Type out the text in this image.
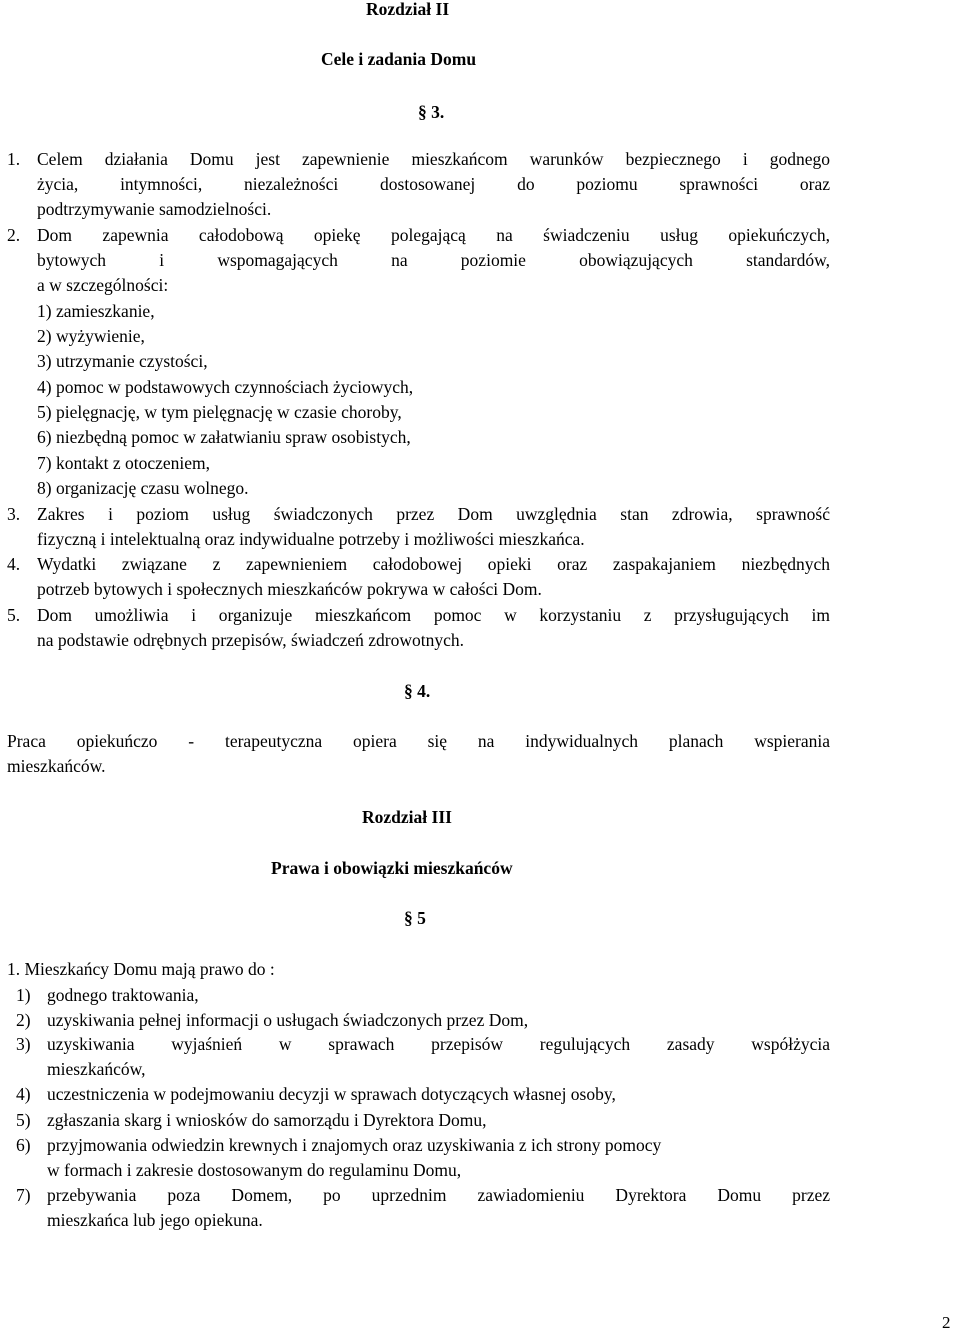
Rozdział II
Cele i zadania Domu
§ 3.
1. Celem działania Domu jest zapewnienie mieszkańcom warunków bezpiecznego i godnego
życia, intymności, niezależności dostosowanej do poziomu sprawności oraz
podtrzymywanie samodzielności.
2. Dom zapewnia całodobową opiekę polegającą na świadczeniu usług opiekuńczych,
bytowych i wspomagających na poziomie obowiązujących standardów,
a w szczególności:
1) zamieszkanie,
2) wyżywienie,
3) utrzymanie czystości,
4) pomoc w podstawowych czynnościach życiowych,
5) pielęgnację, w tym pielęgnację w czasie choroby,
6) niezbędną pomoc w załatwianiu spraw osobistych,
7) kontakt z otoczeniem,
8) organizację czasu wolnego.
3. Zakres i poziom usług świadczonych przez Dom uwzględnia stan zdrowia, sprawność
fizyczną i intelektualną oraz indywidualne potrzeby i możliwości mieszkańca.
4. Wydatki związane z zapewnieniem całodobowej opieki oraz zaspakajaniem niezbędnych
potrzeb bytowych i społecznych mieszkańców pokrywa w całości Dom.
5. Dom umożliwia i organizuje mieszkańcom pomoc w korzystaniu z przysługujących im
na podstawie odrębnych przepisów, świadczeń zdrowotnych.
§ 4.
Praca opiekuńczo - terapeutyczna opiera się na indywidualnych planach wspierania
mieszkańców.
Rozdział III
Prawa i obowiązki mieszkańców
§ 5
1. Mieszkańcy Domu mają prawo do :
1) godnego traktowania,
2) uzyskiwania pełnej informacji o usługach świadczonych przez Dom,
3) uzyskiwania wyjaśnień w sprawach przepisów regulujących zasady współżycia
mieszkańców,
4) uczestniczenia w podejmowaniu decyzji w sprawach dotyczących własnej osoby,
5) zgłaszania skarg i wniosków do samorządu i Dyrektora Domu,
6) przyjmowania odwiedzin krewnych i znajomych oraz uzyskiwania z ich strony pomocy
w formach i zakresie dostosowanym do regulaminu Domu,
7) przebywania poza Domem, po uprzednim zawiadomieniu Dyrektora Domu przez
mieszkańca lub jego opiekuna.
2
